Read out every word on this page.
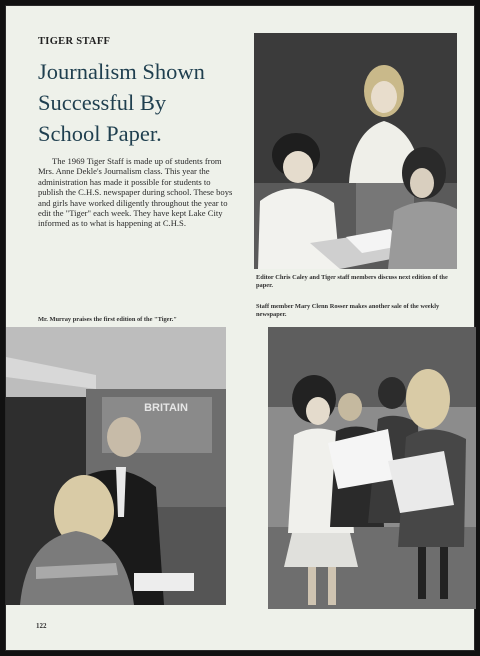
TIGER STAFF
Journalism Shown
Successful By
School Paper.

The 1969 Tiger Staff is made up of students from Mrs. Anne Dekle's Journalism class. This year the administration has made it possible for students to publish the C.H.S. newspaper during school. These boys and girls have worked diligently throughout the year to edit the "Tiger" each week. They have kept Lake City informed as to what is happening at C.H.S.

Editor Chris Caley and Tiger staff members discuss next edition of the paper.

Staff member Mary Clenn Rosser makes another sale of the weekly newspaper.

Mr. Murray praises the first edition of the "Tiger."

BRITAIN
122
